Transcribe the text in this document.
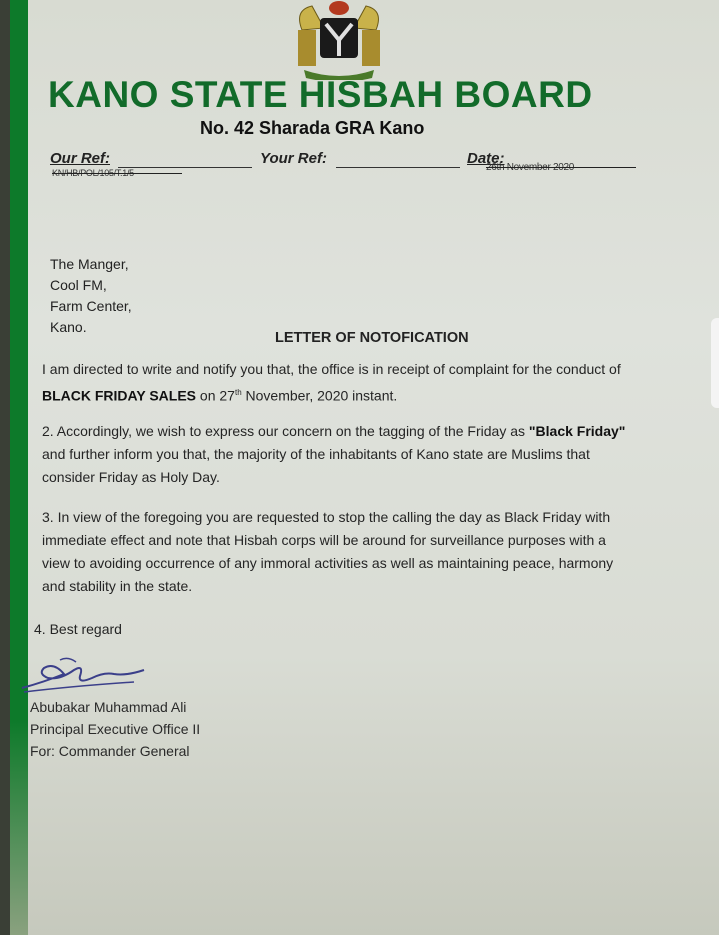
KANO STATE HISBAH BOARD
No. 42 Sharada GRA Kano
Our Ref:
KN/HB/POL/105/T.1/5
Your Ref:	Date:
26th November 2020
The Manger,
Cool FM,
Farm Center,
Kano.
LETTER OF NOTOFICATION
I am directed to write and notify you that, the office is in receipt of complaint for the conduct of
BLACK FRIDAY SALES on 27th November, 2020 instant.
2. Accordingly, we wish to express our concern on the tagging of the Friday as "Black Friday"
and further inform you that, the majority of the inhabitants of Kano state are Muslims that
consider Friday as Holy Day.
3. In view of the foregoing you are requested to stop the calling the day as Black Friday with
immediate effect and note that Hisbah corps will be around for surveillance purposes with a
view to avoiding occurrence of any immoral activities as well as maintaining peace, harmony
and stability in the state.
4. Best regard
Abubakar Muhammad Ali
Principal Executive Office II
For: Commander General
